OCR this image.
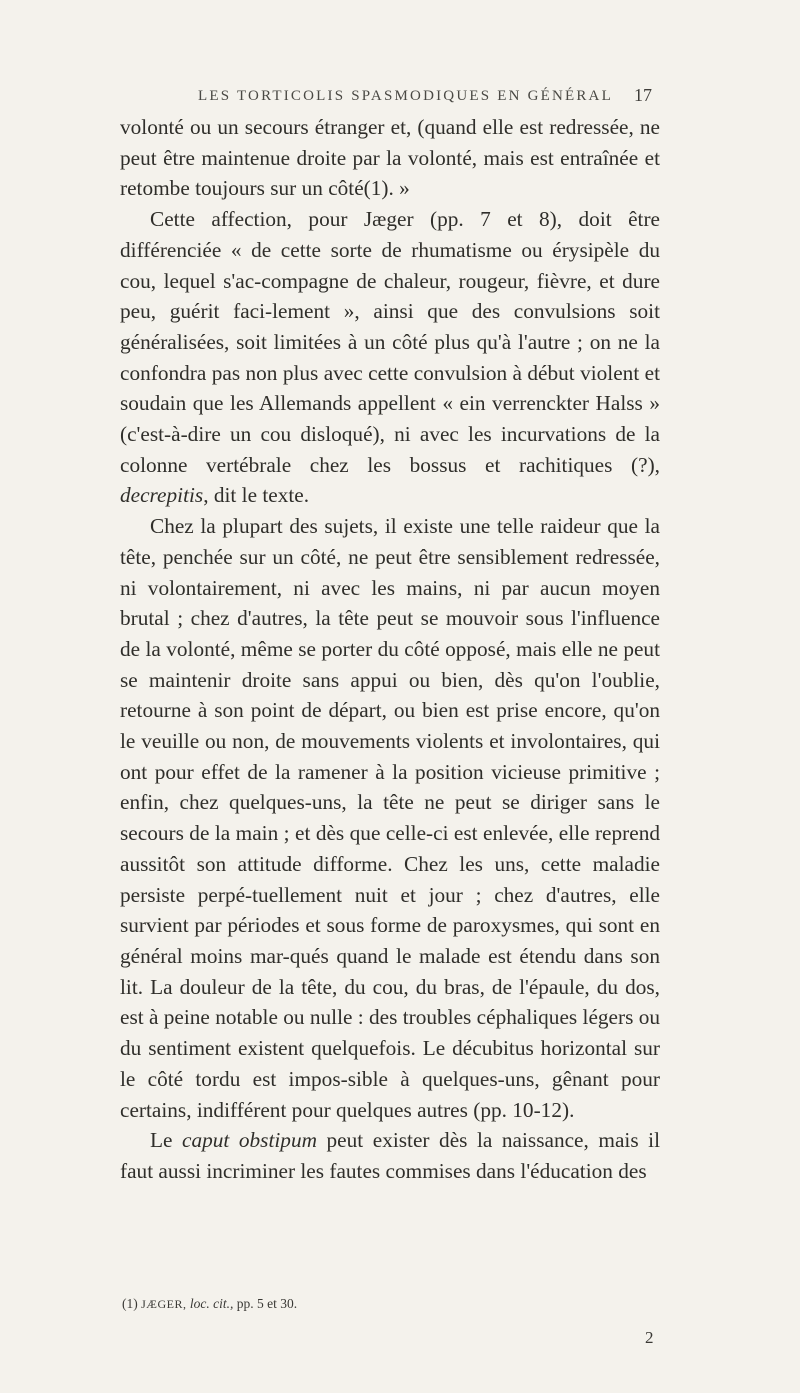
LES TORTICOLIS SPASMODIQUES EN GÉNÉRAL	17

volonté ou un secours étranger et, (quand elle est redressée, ne peut être maintenue droite par la volonté, mais est entraînée et retombe toujours sur un côté(1). »

Cette affection, pour Jæger (pp. 7 et 8), doit être différenciée « de cette sorte de rhumatisme ou érysipèle du cou, lequel s'ac-compagne de chaleur, rougeur, fièvre, et dure peu, guérit faci-lement », ainsi que des convulsions soit généralisées, soit limitées à un côté plus qu'à l'autre ; on ne la confondra pas non plus avec cette convulsion à début violent et soudain que les Allemands appellent « ein verrenckter Halss » (c'est-à-dire un cou disloqué), ni avec les incurvations de la colonne vertébrale chez les bossus et rachitiques (?), decrepitis, dit le texte.

Chez la plupart des sujets, il existe une telle raideur que la tête, penchée sur un côté, ne peut être sensiblement redressée, ni volontairement, ni avec les mains, ni par aucun moyen brutal ; chez d'autres, la tête peut se mouvoir sous l'influence de la volonté, même se porter du côté opposé, mais elle ne peut se maintenir droite sans appui ou bien, dès qu'on l'oublie, retourne à son point de départ, ou bien est prise encore, qu'on le veuille ou non, de mouvements violents et involontaires, qui ont pour effet de la ramener à la position vicieuse primitive ; enfin, chez quelques-uns, la tête ne peut se diriger sans le secours de la main ; et dès que celle-ci est enlevée, elle reprend aussitôt son attitude difforme. Chez les uns, cette maladie persiste perpé-tuellement nuit et jour ; chez d'autres, elle survient par périodes et sous forme de paroxysmes, qui sont en général moins mar-qués quand le malade est étendu dans son lit. La douleur de la tête, du cou, du bras, de l'épaule, du dos, est à peine notable ou nulle : des troubles céphaliques légers ou du sentiment existent quelquefois. Le décubitus horizontal sur le côté tordu est impos-sible à quelques-uns, gênant pour certains, indifférent pour quelques autres (pp. 10-12).

Le caput obstipum peut exister dès la naissance, mais il faut aussi incriminer les fautes commises dans l'éducation des

(1) JÆGER, loc. cit., pp. 5 et 30.
2
